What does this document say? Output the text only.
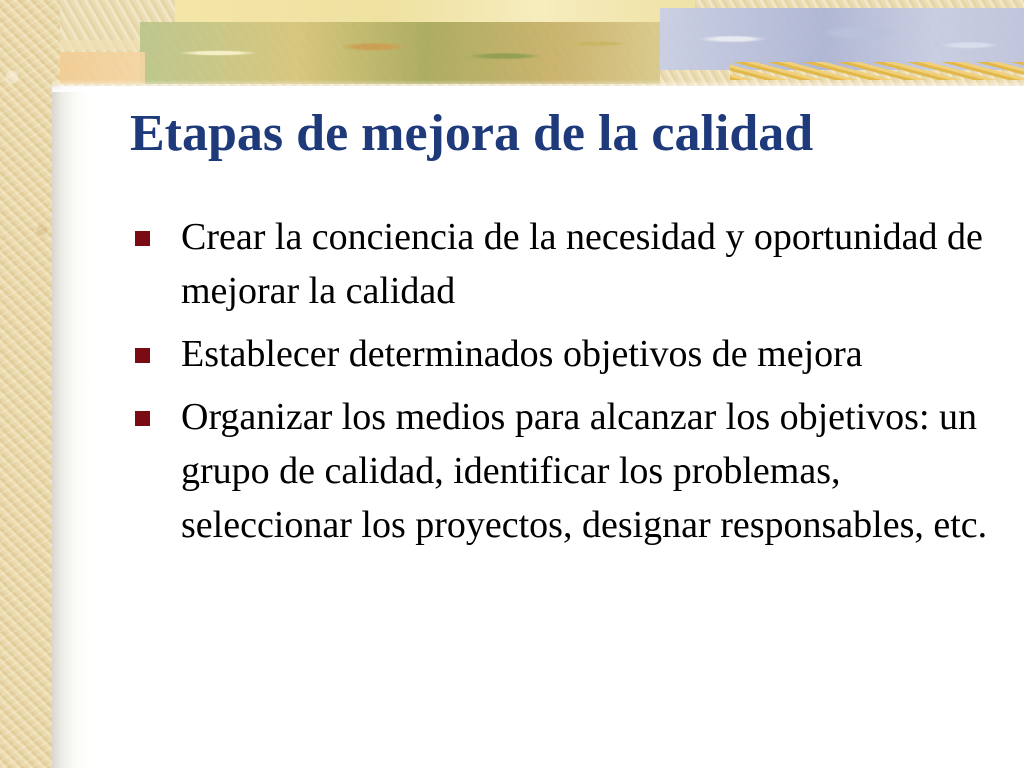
Etapas de mejora de la calidad
Crear la conciencia de la necesidad y oportunidad de mejorar la calidad
Establecer determinados objetivos de mejora
Organizar los medios para alcanzar los objetivos: un grupo de calidad, identificar los problemas, seleccionar los proyectos, designar responsables, etc.
